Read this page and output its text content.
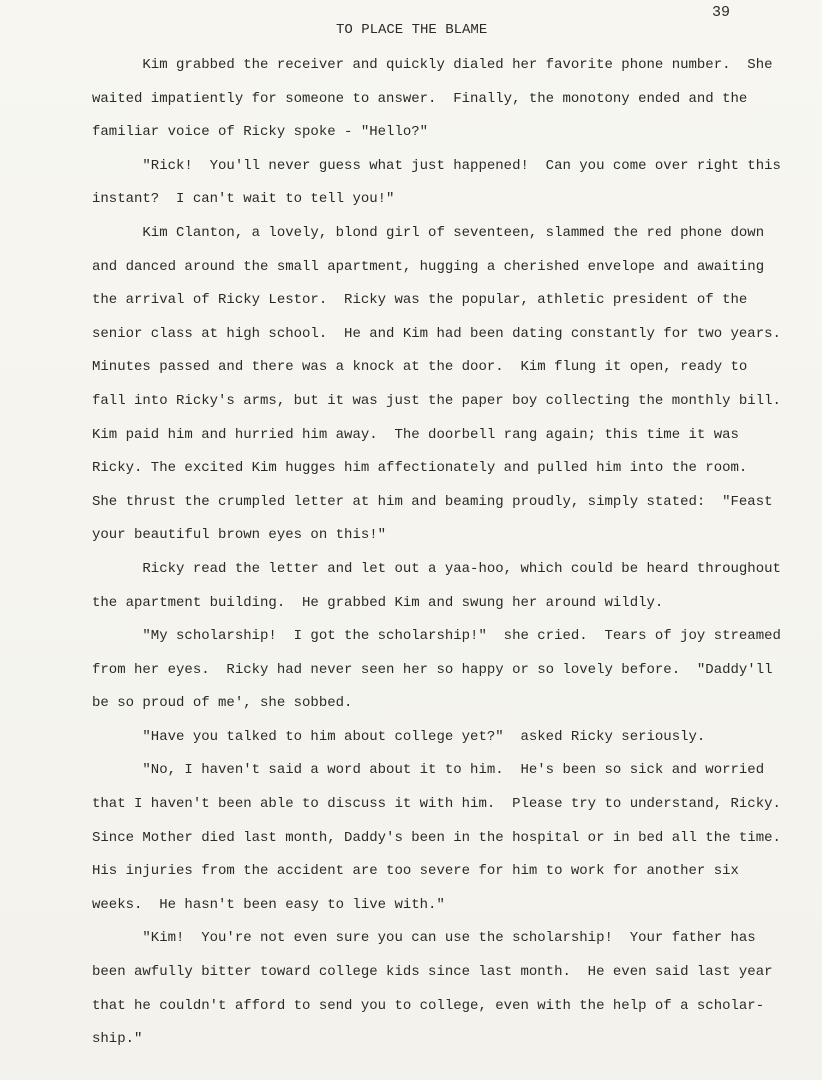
39
TO PLACE THE BLAME
Kim grabbed the receiver and quickly dialed her favorite phone number.  She
waited impatiently for someone to answer.  Finally, the monotony ended and the
familiar voice of Ricky spoke - "Hello?"
"Rick!  You'll never guess what just happened!  Can you come over right this
instant?  I can't wait to tell you!"
Kim Clanton, a lovely, blond girl of seventeen, slammed the red phone down
and danced around the small apartment, hugging a cherished envelope and awaiting
the arrival of Ricky Lestor.  Ricky was the popular, athletic president of the
senior class at high school.  He and Kim had been dating constantly for two years.
Minutes passed and there was a knock at the door.  Kim flung it open, ready to
fall into Ricky's arms, but it was just the paper boy collecting the monthly bill.
Kim paid him and hurried him away.  The doorbell rang again; this time it was
Ricky. The excited Kim hugges him affectionately and pulled him into the room.
She thrust the crumpled letter at him and beaming proudly, simply stated:  "Feast
your beautiful brown eyes on this!"
Ricky read the letter and let out a yaa-hoo, which could be heard throughout
the apartment building.  He grabbed Kim and swung her around wildly.
"My scholarship!  I got the scholarship!"  she cried.  Tears of joy streamed
from her eyes.  Ricky had never seen her so happy or so lovely before.  "Daddy'll
be so proud of me', she sobbed.
"Have you talked to him about college yet?"  asked Ricky seriously.
"No, I haven't said a word about it to him.  He's been so sick and worried
that I haven't been able to discuss it with him.  Please try to understand, Ricky.
Since Mother died last month, Daddy's been in the hospital or in bed all the time.
His injuries from the accident are too severe for him to work for another six
weeks.  He hasn't been easy to live with."
"Kim!  You're not even sure you can use the scholarship!  Your father has
been awfully bitter toward college kids since last month.  He even said last year
that he couldn't afford to send you to college, even with the help of a scholar-
ship."
